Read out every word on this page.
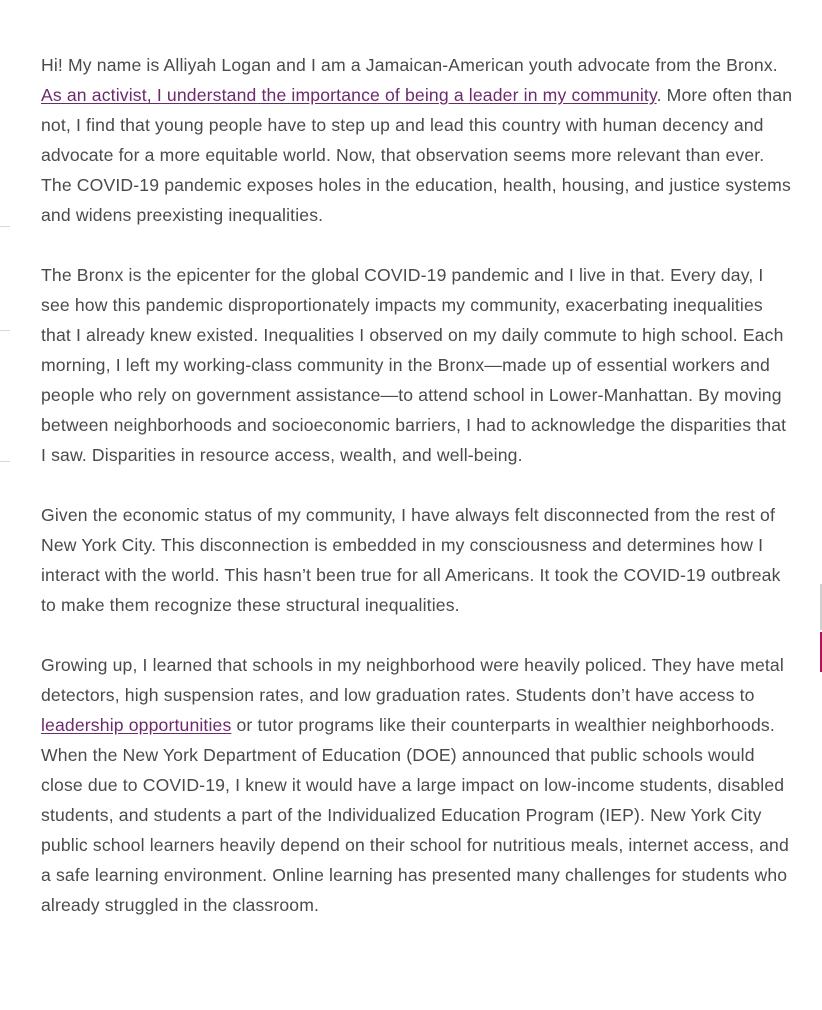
Hi! My name is Alliyah Logan and I am a Jamaican-American youth advocate from the Bronx. As an activist, I understand the importance of being a leader in my community. More often than not, I find that young people have to step up and lead this country with human decency and advocate for a more equitable world. Now, that observation seems more relevant than ever. The COVID-19 pandemic exposes holes in the education, health, housing, and justice systems and widens preexisting inequalities.

The Bronx is the epicenter for the global COVID-19 pandemic and I live in that. Every day, I see how this pandemic disproportionately impacts my community, exacerbating inequalities that I already knew existed. Inequalities I observed on my daily commute to high school. Each morning, I left my working-class community in the Bronx—made up of essential workers and people who rely on government assistance—to attend school in Lower-Manhattan. By moving between neighborhoods and socioeconomic barriers, I had to acknowledge the disparities that I saw. Disparities in resource access, wealth, and well-being.

Given the economic status of my community, I have always felt disconnected from the rest of New York City. This disconnection is embedded in my consciousness and determines how I interact with the world. This hasn’t been true for all Americans. It took the COVID-19 outbreak to make them recognize these structural inequalities.

Growing up, I learned that schools in my neighborhood were heavily policed. They have metal detectors, high suspension rates, and low graduation rates. Students don’t have access to leadership opportunities or tutor programs like their counterparts in wealthier neighborhoods. When the New York Department of Education (DOE) announced that public schools would close due to COVID-19, I knew it would have a large impact on low-income students, disabled students, and students a part of the Individualized Education Program (IEP). New York City public school learners heavily depend on their school for nutritious meals, internet access, and a safe learning environment. Online learning has presented many challenges for students who already struggled in the classroom.
